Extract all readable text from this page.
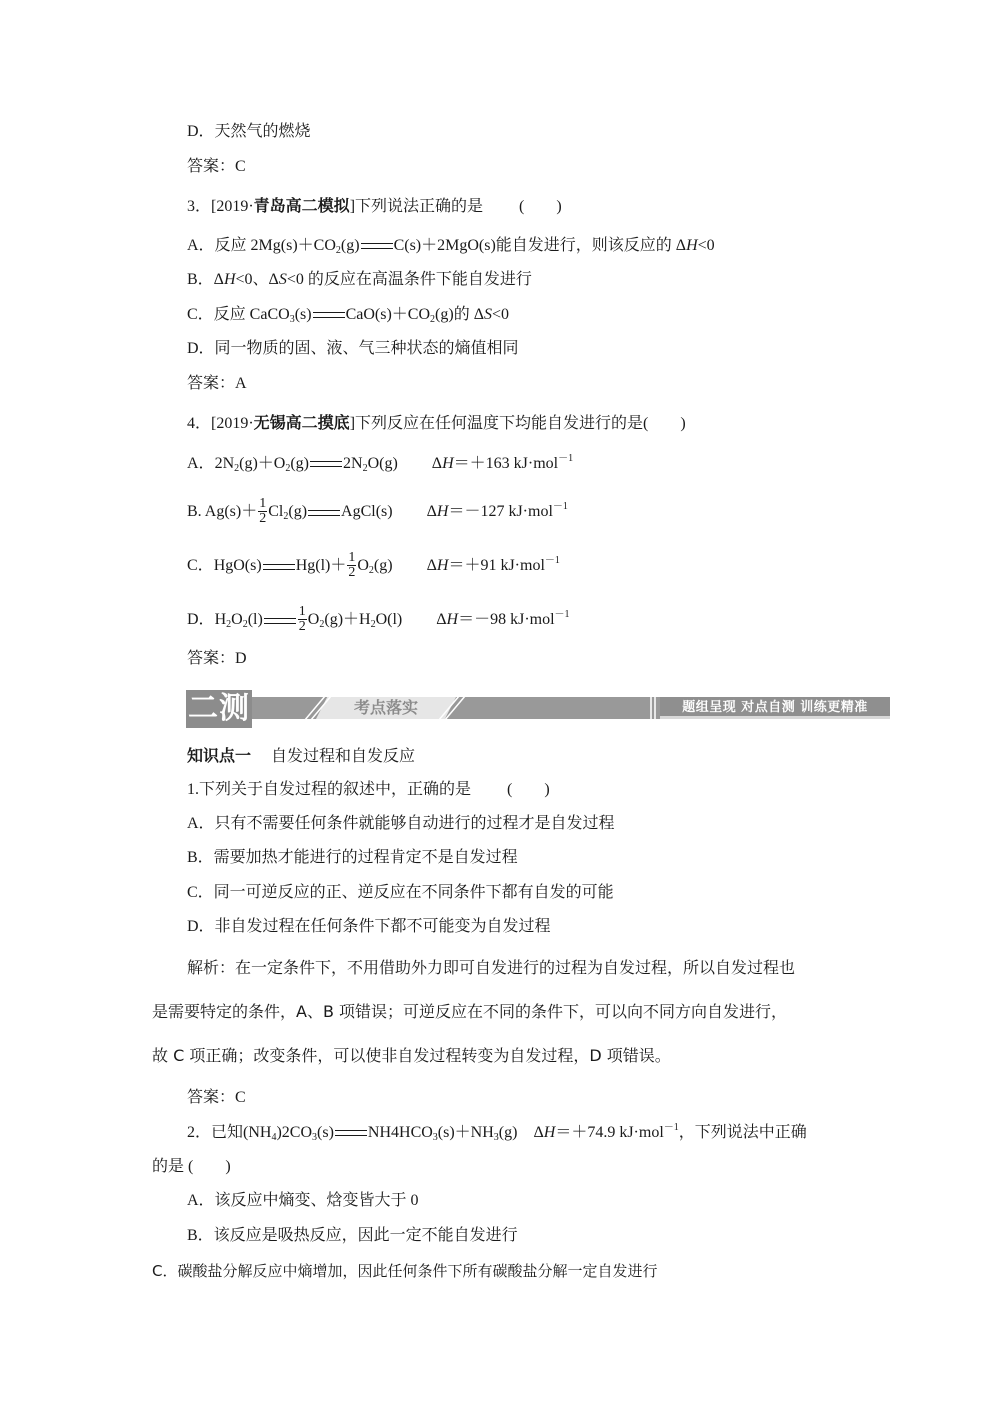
D．天然气的燃烧
答案：C
3．[2019·青岛高二模拟]下列说法正确的是 (　　)
A．反应 $2Mg(s)+CO_2(g)$ C(s)＋2MgO(s)能自发进行，则该反应的 ΔH<0
B．ΔH<0、ΔS<0 的反应在高温条件下能自发进行
C．反应 CaCO$_3$(s) $CaO(s)+CO_2(g)$的 ΔS<0
D．同一物质的固、液、气三种状态的熵值相同
答案：A
4．[2019·无锡高二摸底]下列反应在任何温度下均能自发进行的是(　　)
A．$2N_2(g)+O_2(g)$ $2N_2O(g)$ ΔH＝＋163 kJ·mol$^{-1}$
B. $Ag(s)+ \frac{1}{2} Cl_2(g)$ AgCl(s) ΔH＝－127 kJ·mol$^{-1}$
C．HgO(s) $Hg(l)+ \frac{1}{2} O_2(g)$ ΔH＝＋91 kJ·mol$^{-1}$
D．$H_2O_2(l)$	$\frac{1}{2} O_2(g)+H_2O(l)$ ΔH＝－98 kJ·mol$^{-1}$
答案：D
二测	考点落实	题组呈现 对点自测 训练更精准
知识点一 自发过程和自发反应
1.下列关于自发过程的叙述中，正确的是 (　　)
A．只有不需要任何条件就能够自动进行的过程才是自发过程
B．需要加热才能进行的过程肯定不是自发过程
C．同一可逆反应的正、逆反应在不同条件下都有自发的可能
D．非自发过程在任何条件下都不可能变为自发过程
解析：在一定条件下，不用借助外力即可自发进行的过程为自发过程，所以自发过程也
是需要特定的条件，A、B 项错误；可逆反应在不同的条件下，可以向不同方向自发进行，
故 C 项正确；改变条件，可以使非自发过程转变为自发过程，D 项错误。
答案：C
2．已知$(NH_4)2CO_3(s)$ $NH4HCO_3(s)+NH_3(g)$ ΔH＝＋74.9 kJ·mol$^{-1}$，下列说法中正确
的是 (　　)
A．该反应中熵变、焓变皆大于 0
B．该反应是吸热反应，因此一定不能自发进行
C．碳酸盐分解反应中熵增加，因此任何条件下所有碳酸盐分解一定自发进行
